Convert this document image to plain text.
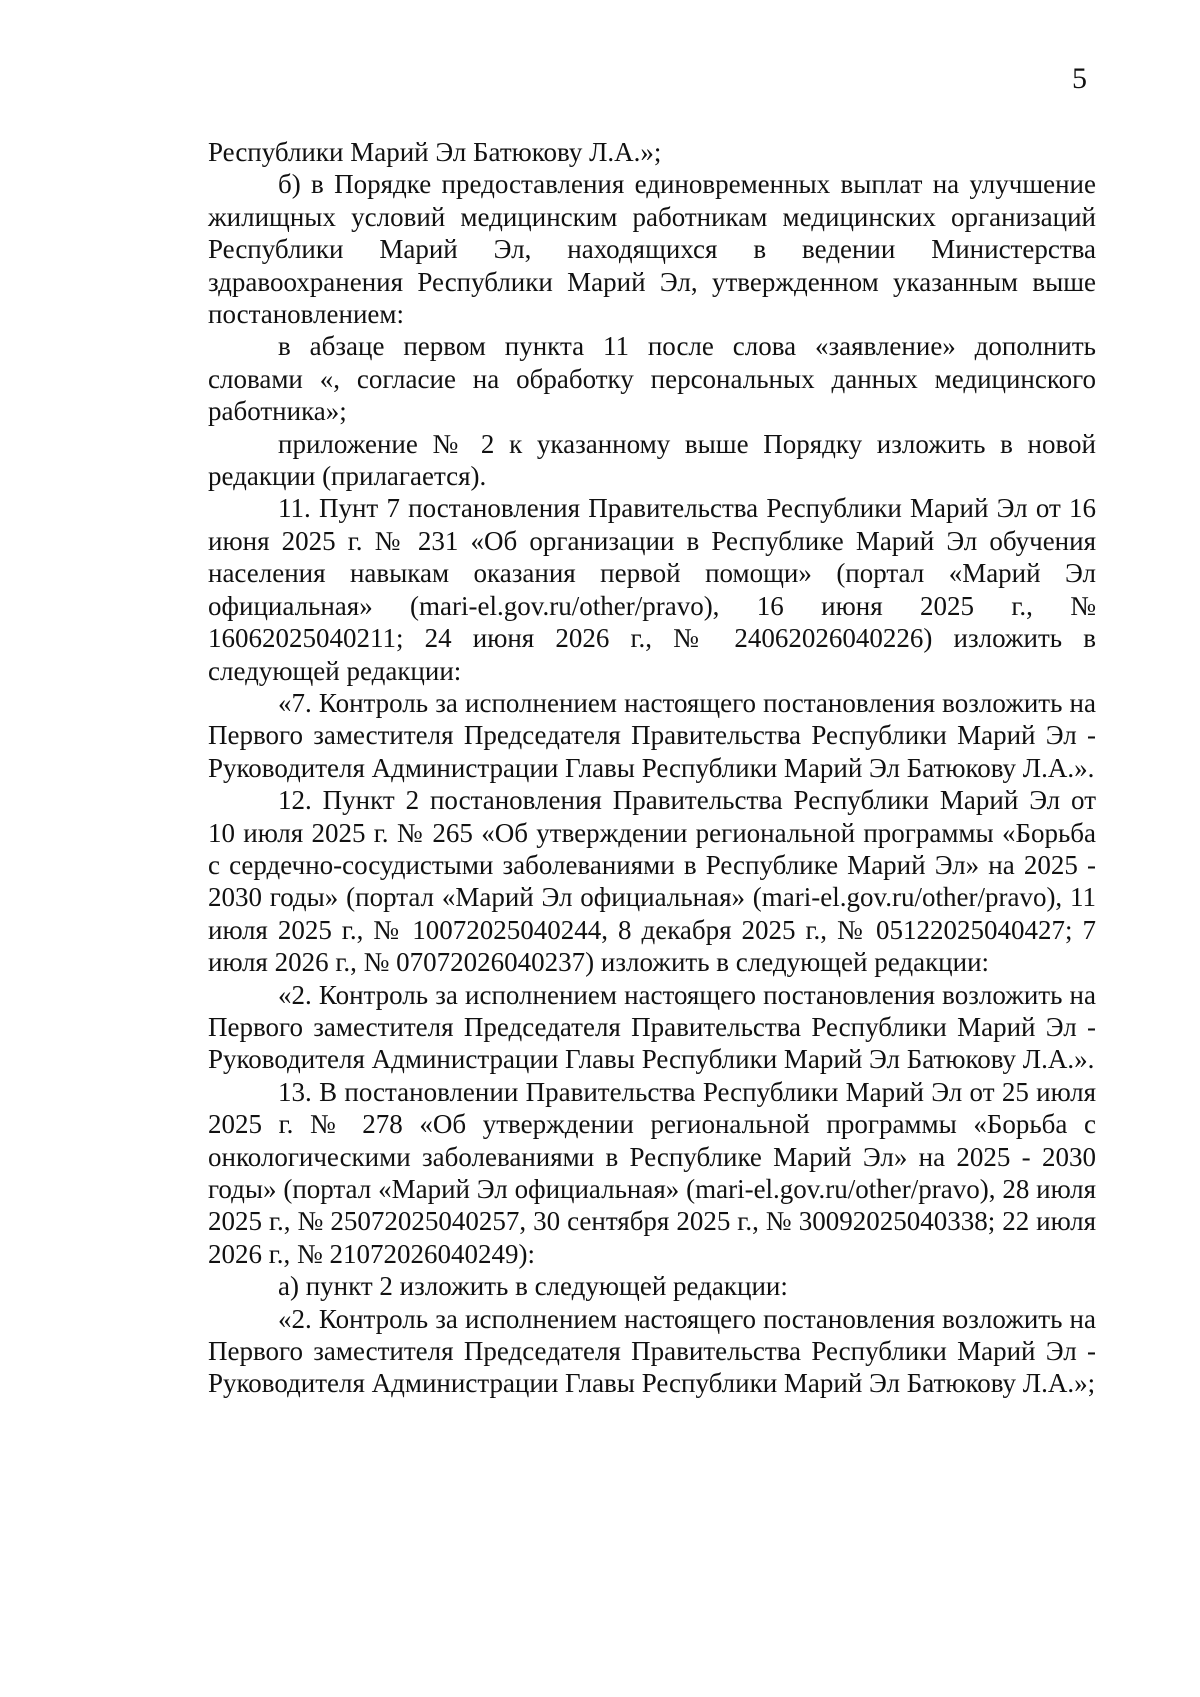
5

Республики Марий Эл Батюкову Л.А.»;

б) в Порядке предоставления единовременных выплат на улучшение жилищных условий медицинским работникам медицинских организаций Республики Марий Эл, находящихся в ведении Министерства здравоохранения Республики Марий Эл, утвержденном указанным выше постановлением:

в абзаце первом пункта 11 после слова «заявление» дополнить словами «, согласие на обработку персональных данных медицинского работника»;

приложение № 2 к указанному выше Порядку изложить в новой редакции (прилагается).

11. Пунт 7 постановления Правительства Республики Марий Эл от 16 июня 2025 г. № 231 «Об организации в Республике Марий Эл обучения населения навыкам оказания первой помощи» (портал «Марий Эл официальная» (mari-el.gov.ru/other/pravo), 16 июня 2025 г., № 16062025040211; 24 июня 2026 г., № 24062026040226) изложить в следующей редакции:

«7. Контроль за исполнением настоящего постановления возложить на Первого заместителя Председателя Правительства Республики Марий Эл - Руководителя Администрации Главы Республики Марий Эл Батюкову Л.А.».

12. Пункт 2 постановления Правительства Республики Марий Эл от 10 июля 2025 г. № 265 «Об утверждении региональной программы «Борьба с сердечно-сосудистыми заболеваниями в Республике Марий Эл» на 2025 - 2030 годы» (портал «Марий Эл официальная» (mari-el.gov.ru/other/pravo), 11 июля 2025 г., № 10072025040244, 8 декабря 2025 г., № 05122025040427; 7 июля 2026 г., № 07072026040237) изложить в следующей редакции:

«2. Контроль за исполнением настоящего постановления возложить на Первого заместителя Председателя Правительства Республики Марий Эл - Руководителя Администрации Главы Республики Марий Эл Батюкову Л.А.».

13. В постановлении Правительства Республики Марий Эл от 25 июля 2025 г. № 278 «Об утверждении региональной программы «Борьба с онкологическими заболеваниями в Республике Марий Эл» на 2025 - 2030 годы» (портал «Марий Эл официальная» (mari-el.gov.ru/other/pravo), 28 июля 2025 г., № 25072025040257, 30 сентября 2025 г., № 30092025040338; 22 июля 2026 г., № 21072026040249):

а) пункт 2 изложить в следующей редакции:

«2. Контроль за исполнением настоящего постановления возложить на Первого заместителя Председателя Правительства Республики Марий Эл - Руководителя Администрации Главы Республики Марий Эл Батюкову Л.А.»;
